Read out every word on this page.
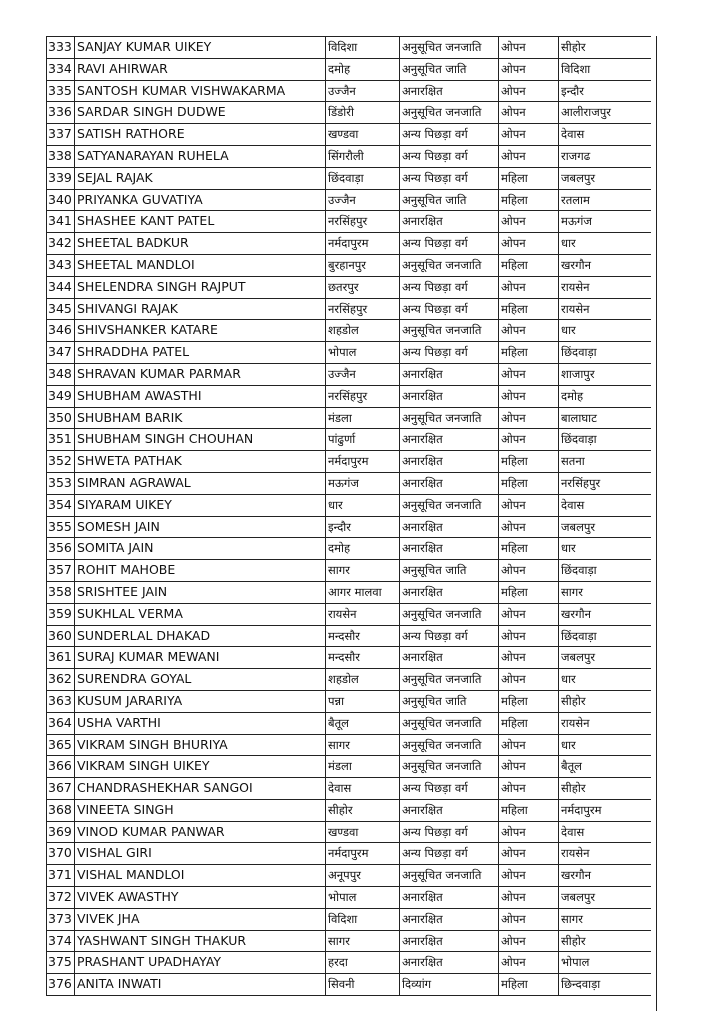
333	SANJAY KUMAR UIKEY	विदिशा	अनुसूचित जनजाति	ओपन	सीहोर
334	RAVI AHIRWAR	दमोह	अनुसूचित जाति	ओपन	विदिशा
335	SANTOSH KUMAR VISHWAKARMA	उज्जैन	अनारक्षित	ओपन	इन्दौर
336	SARDAR SINGH DUDWE	डिंडोरी	अनुसूचित जनजाति	ओपन	आलीराजपुर
337	SATISH RATHORE	खण्डवा	अन्य पिछड़ा वर्ग	ओपन	देवास
338	SATYANARAYAN RUHELA	सिंगरौली	अन्य पिछड़ा वर्ग	ओपन	राजगढ
339	SEJAL RAJAK	छिंदवाड़ा	अन्य पिछड़ा वर्ग	महिला	जबलपुर
340	PRIYANKA GUVATIYA	उज्जैन	अनुसूचित जाति	महिला	रतलाम
341	SHASHEE KANT PATEL	नरसिंहपुर	अनारक्षित	ओपन	मऊगंज
342	SHEETAL BADKUR	नर्मदापुरम	अन्य पिछड़ा वर्ग	ओपन	धार
343	SHEETAL MANDLOI	बुरहानपुर	अनुसूचित जनजाति	महिला	खरगौन
344	SHELENDRA SINGH RAJPUT	छतरपुर	अन्य पिछड़ा वर्ग	ओपन	रायसेन
345	SHIVANGI RAJAK	नरसिंहपुर	अन्य पिछड़ा वर्ग	महिला	रायसेन
346	SHIVSHANKER KATARE	शहडोल	अनुसूचित जनजाति	ओपन	धार
347	SHRADDHA PATEL	भोपाल	अन्य पिछड़ा वर्ग	महिला	छिंदवाड़ा
348	SHRAVAN KUMAR PARMAR	उज्जैन	अनारक्षित	ओपन	शाजापुर
349	SHUBHAM AWASTHI	नरसिंहपुर	अनारक्षित	ओपन	दमोह
350	SHUBHAM BARIK	मंडला	अनुसूचित जनजाति	ओपन	बालाघाट
351	SHUBHAM SINGH CHOUHAN	पांढुर्णा	अनारक्षित	ओपन	छिंदवाड़ा
352	SHWETA PATHAK	नर्मदापुरम	अनारक्षित	महिला	सतना
353	SIMRAN AGRAWAL	मऊगंज	अनारक्षित	महिला	नरसिंहपुर
354	SIYARAM UIKEY	धार	अनुसूचित जनजाति	ओपन	देवास
355	SOMESH JAIN	इन्दौर	अनारक्षित	ओपन	जबलपुर
356	SOMITA JAIN	दमोह	अनारक्षित	महिला	धार
357	ROHIT MAHOBE	सागर	अनुसूचित जाति	ओपन	छिंदवाड़ा
358	SRISHTEE JAIN	आगर मालवा	अनारक्षित	महिला	सागर
359	SUKHLAL VERMA	रायसेन	अनुसूचित जनजाति	ओपन	खरगौन
360	SUNDERLAL DHAKAD	मन्दसौर	अन्य पिछड़ा वर्ग	ओपन	छिंदवाड़ा
361	SURAJ KUMAR MEWANI	मन्दसौर	अनारक्षित	ओपन	जबलपुर
362	SURENDRA GOYAL	शहडोल	अनुसूचित जनजाति	ओपन	धार
363	KUSUM JARARIYA	पन्ना	अनुसूचित जाति	महिला	सीहोर
364	USHA VARTHI	बैतूल	अनुसूचित जनजाति	महिला	रायसेन
365	VIKRAM SINGH BHURIYA	सागर	अनुसूचित जनजाति	ओपन	धार
366	VIKRAM SINGH UIKEY	मंडला	अनुसूचित जनजाति	ओपन	बैतूल
367	CHANDRASHEKHAR SANGOI	देवास	अन्य पिछड़ा वर्ग	ओपन	सीहोर
368	VINEETA SINGH	सीहोर	अनारक्षित	महिला	नर्मदापुरम
369	VINOD KUMAR PANWAR	खण्डवा	अन्य पिछड़ा वर्ग	ओपन	देवास
370	VISHAL GIRI	नर्मदापुरम	अन्य पिछड़ा वर्ग	ओपन	रायसेन
371	VISHAL MANDLOI	अनूपपुर	अनुसूचित जनजाति	ओपन	खरगौन
372	VIVEK AWASTHY	भोपाल	अनारक्षित	ओपन	जबलपुर
373	VIVEK JHA	विदिशा	अनारक्षित	ओपन	सागर
374	YASHWANT SINGH THAKUR	सागर	अनारक्षित	ओपन	सीहोर
375	PRASHANT UPADHAYAY	हरदा	अनारक्षित	ओपन	भोपाल
376	ANITA INWATI	सिवनी	दिव्यांग	महिला	छिन्दवाड़ा
